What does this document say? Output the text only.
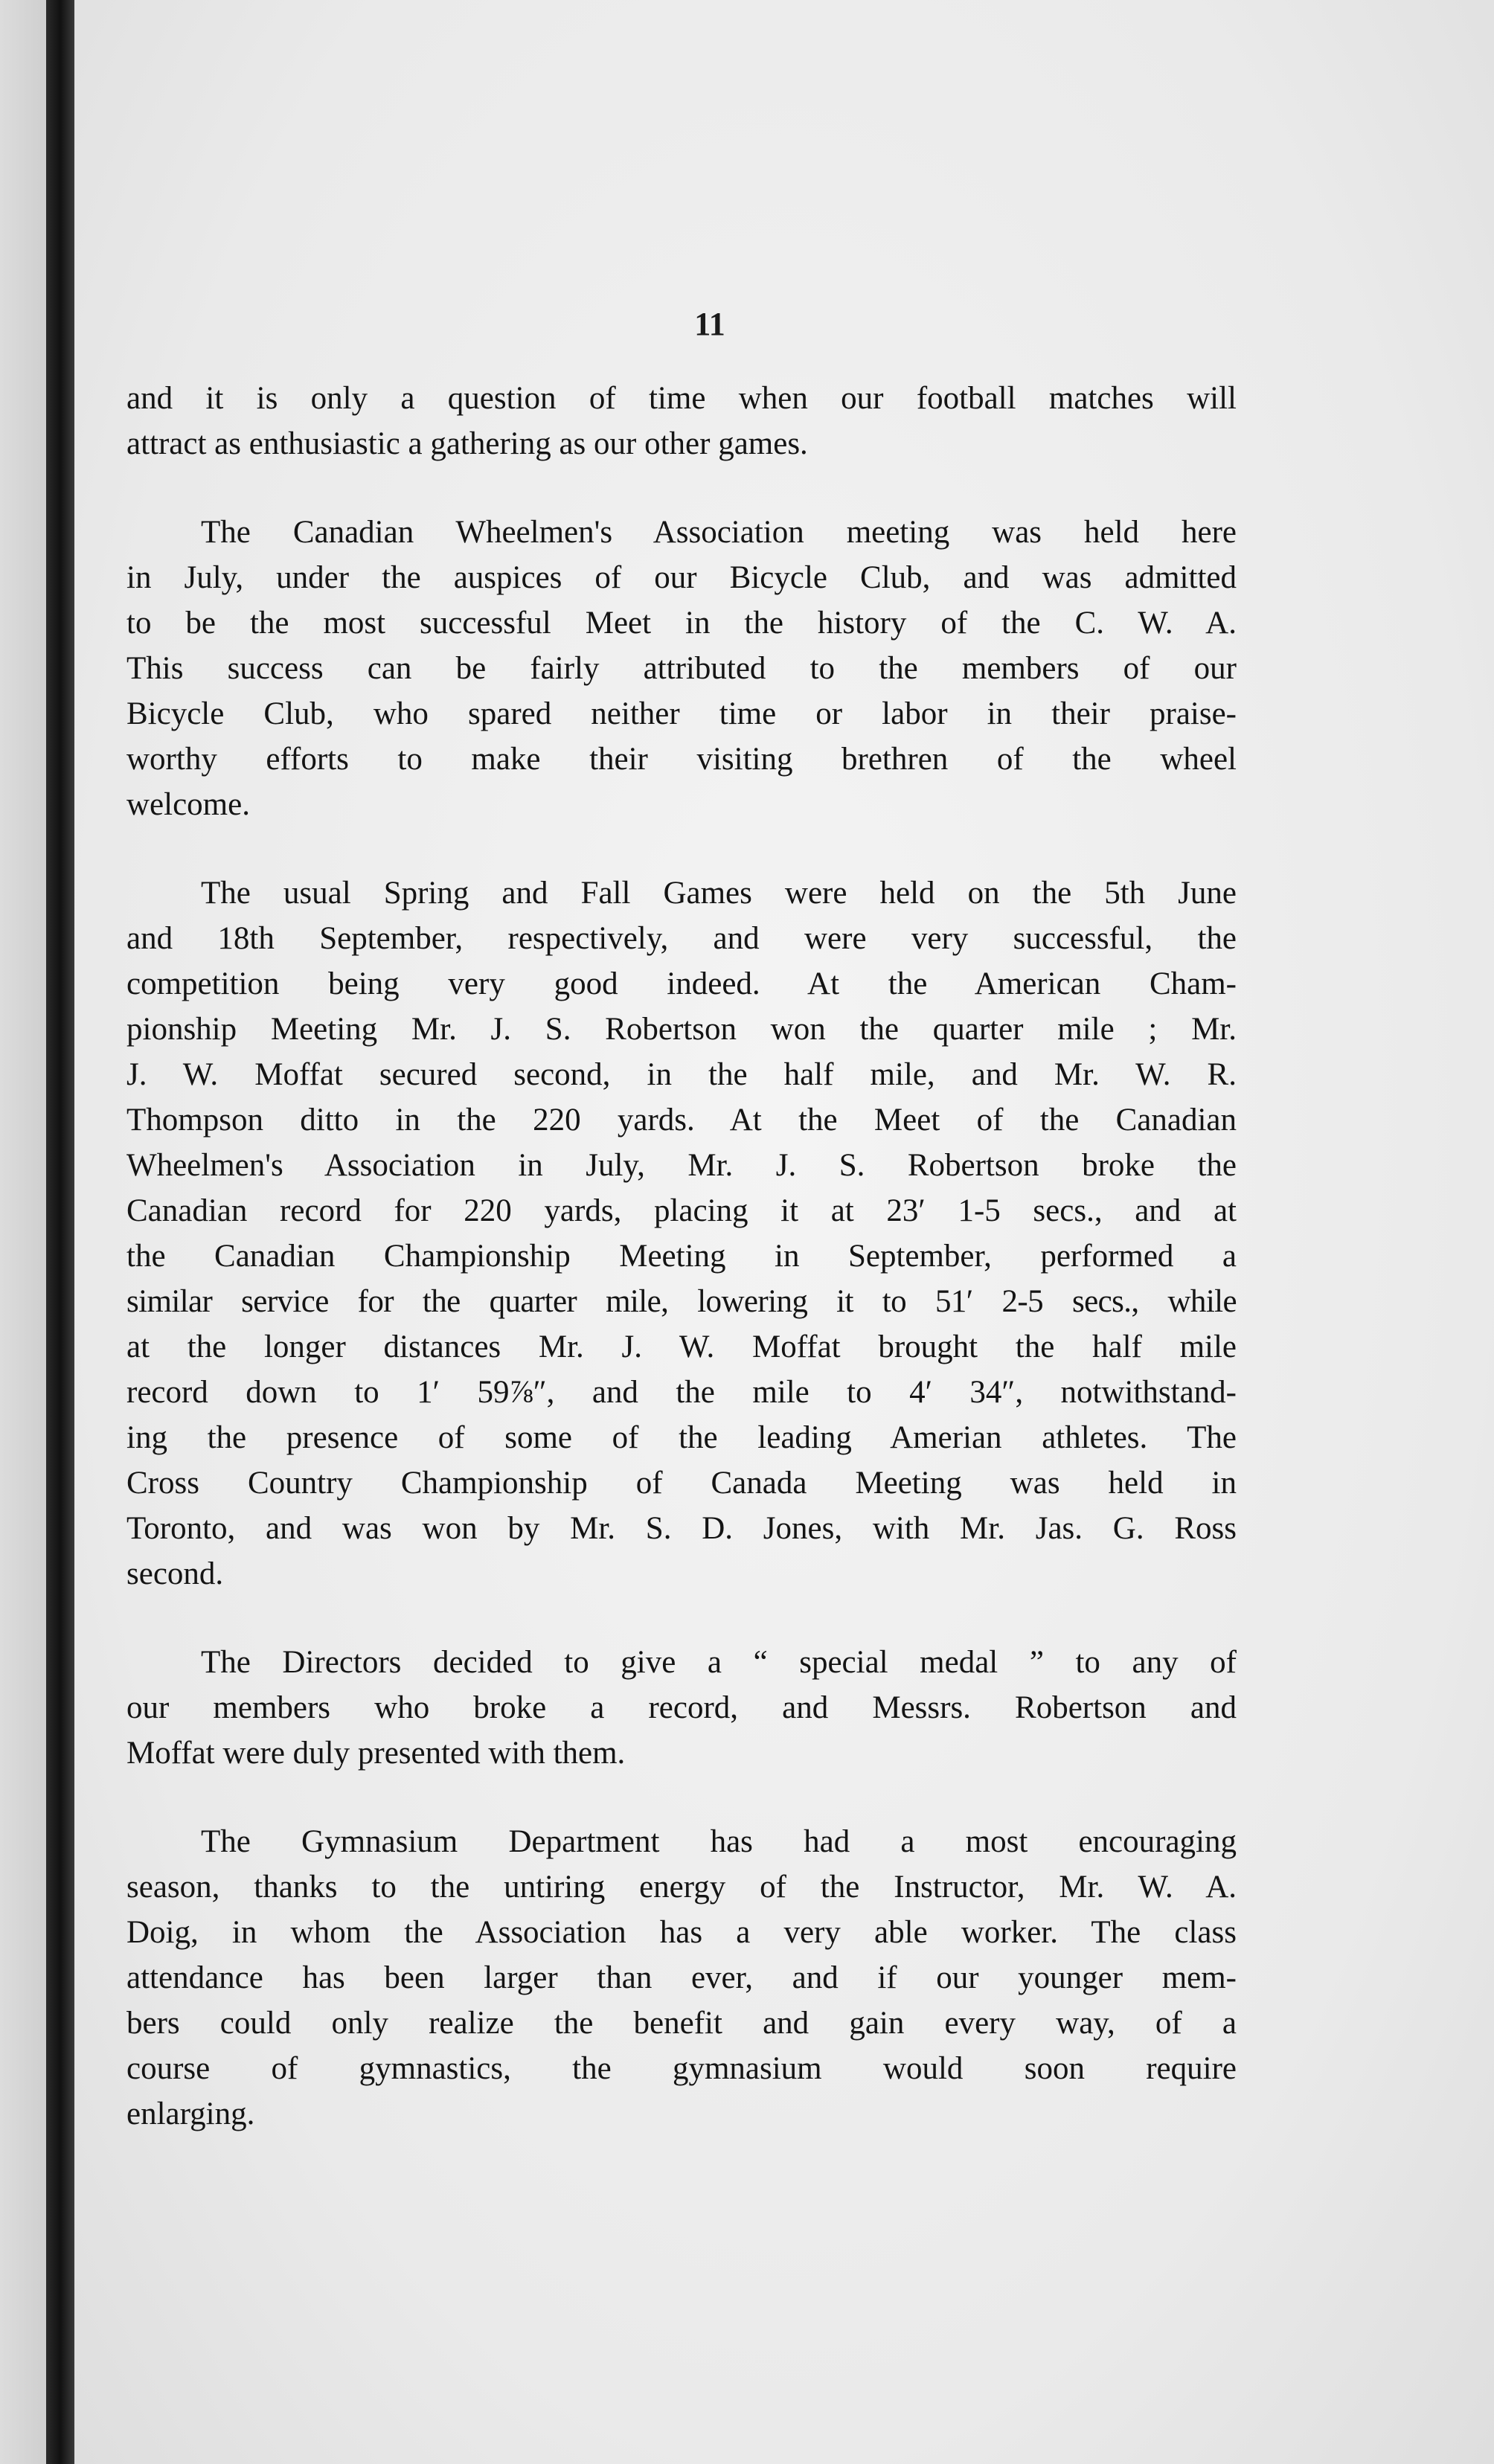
11
and it is only a question of time when our football matches will
attract as enthusiastic a gathering as our other games.
The Canadian Wheelmen's Association meeting was held here
in July, under the auspices of our Bicycle Club, and was admitted
to be the most successful Meet in the history of the C. W. A.
This success can be fairly attributed to the members of our
Bicycle Club, who spared neither time or labor in their praise-
worthy efforts to make their visiting brethren of the wheel
welcome.
The usual Spring and Fall Games were held on the 5th June
and 18th September, respectively, and were very successful, the
competition being very good indeed. At the American Cham-
pionship Meeting Mr. J. S. Robertson won the quarter mile ; Mr.
J. W. Moffat secured second, in the half mile, and Mr. W. R.
Thompson ditto in the 220 yards. At the Meet of the Canadian
Wheelmen's Association in July, Mr. J. S. Robertson broke the
Canadian record for 220 yards, placing it at 23′ 1-5 secs., and at
the Canadian Championship Meeting in September, performed a
similar service for the quarter mile, lowering it to 51′ 2-5 secs., while
at the longer distances Mr. J. W. Moffat brought the half mile
record down to 1′ 59⅞″, and the mile to 4′ 34″, notwithstand-
ing the presence of some of the leading Amerian athletes. The
Cross Country Championship of Canada Meeting was held in
Toronto, and was won by Mr. S. D. Jones, with Mr. Jas. G. Ross
second.
The Directors decided to give a “ special medal ” to any of
our members who broke a record, and Messrs. Robertson and
Moffat were duly presented with them.
The Gymnasium Department has had a most encouraging
season, thanks to the untiring energy of the Instructor, Mr. W. A.
Doig, in whom the Association has a very able worker. The class
attendance has been larger than ever, and if our younger mem-
bers could only realize the benefit and gain every way, of a
course of gymnastics, the gymnasium would soon require
enlarging.
